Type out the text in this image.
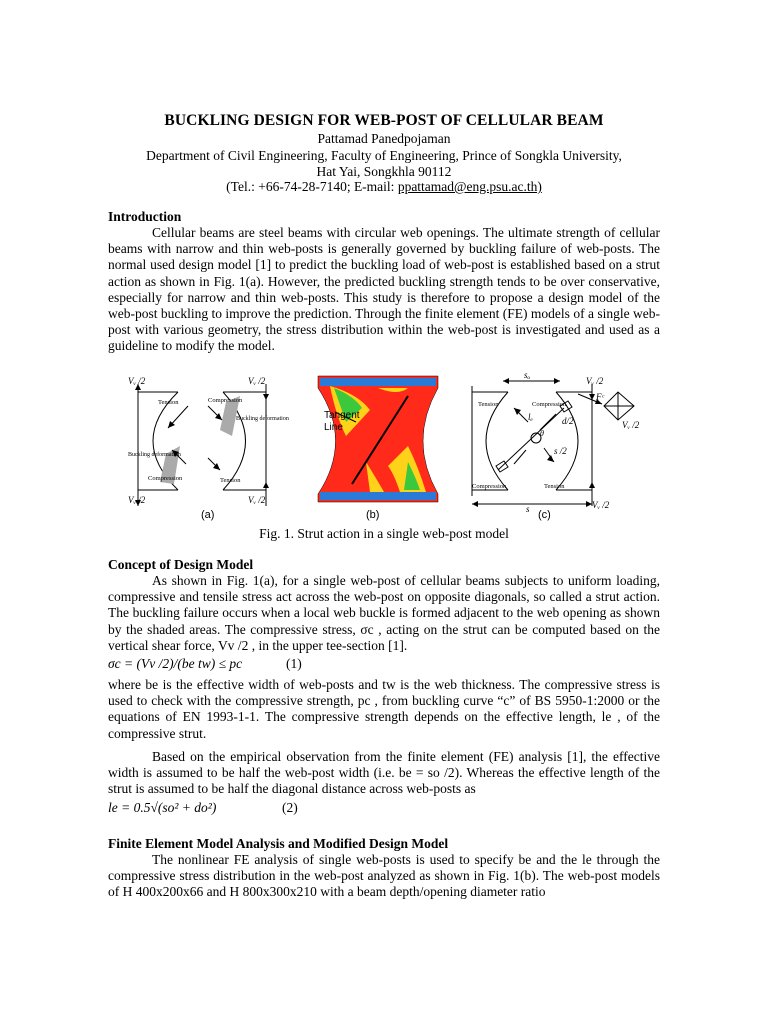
BUCKLING DESIGN FOR WEB-POST OF CELLULAR BEAM
Pattamad Panedpojaman
Department of Civil Engineering, Faculty of Engineering, Prince of Songkla University,
Hat Yai, Songkhla 90112
(Tel.: +66-74-28-7140; E-mail: ppattamad@eng.psu.ac.th)
Introduction
Cellular beams are steel beams with circular web openings. The ultimate strength of cellular beams with narrow and thin web-posts is generally governed by buckling failure of web-posts. The normal used design model [1] to predict the buckling load of web-post is established based on a strut action as shown in Fig. 1(a). However, the predicted buckling strength tends to be over conservative, especially for narrow and thin web-posts. This study is therefore to propose a design model of the web-post buckling to improve the prediction. Through the finite element (FE) models of a single web-post with various geometry, the stress distribution within the web-post is investigated and used as a guideline to modify the model.
Vᵥ /2	Vᵥ /2
Vᵥ /2	Vᵥ /2
Tension	Compression
Buckling deformation
Buckling deformation
Compression	Tension
(a)
Tangent
Line
(b)
sₒ
Vᵥ /2
Tension	Compression
Fᶜ
lₑ	d/2
s /2
θ
Vᵥ /2
Compression	Tension
s	Vᵥ /2
(c)
Fig. 1. Strut action in a single web-post model
Concept of Design Model
As shown in Fig. 1(a), for a single web-post of cellular beams subjects to uniform loading, compressive and tensile stress act across the web-post on opposite diagonals, so called a strut action. The buckling failure occurs when a local web buckle is formed adjacent to the web opening as shown by the shaded areas. The compressive stress, σc , acting on the strut can be computed based on the vertical shear force, Vv /2 , in the upper tee-section [1].
σc = (Vv /2)/(be tw) ≤ pc	(1)
where be is the effective width of web-posts and tw is the web thickness. The compressive stress is used to check with the compressive strength, pc , from buckling curve “c” of BS 5950-1:2000 or the equations of EN 1993-1-1. The compressive strength depends on the effective length, le , of the compressive strut.
Based on the empirical observation from the finite element (FE) analysis [1], the effective width is assumed to be half the web-post width (i.e. be = so /2). Whereas the effective length of the strut is assumed to be half the diagonal distance across web-posts as
le = 0.5√(so² + do²)	(2)
Finite Element Model Analysis and Modified Design Model
The nonlinear FE analysis of single web-posts is used to specify be and the le through the compressive stress distribution in the web-post analyzed as shown in Fig. 1(b). The web-post models of H 400x200x66 and H 800x300x210 with a beam depth/opening diameter ratio
